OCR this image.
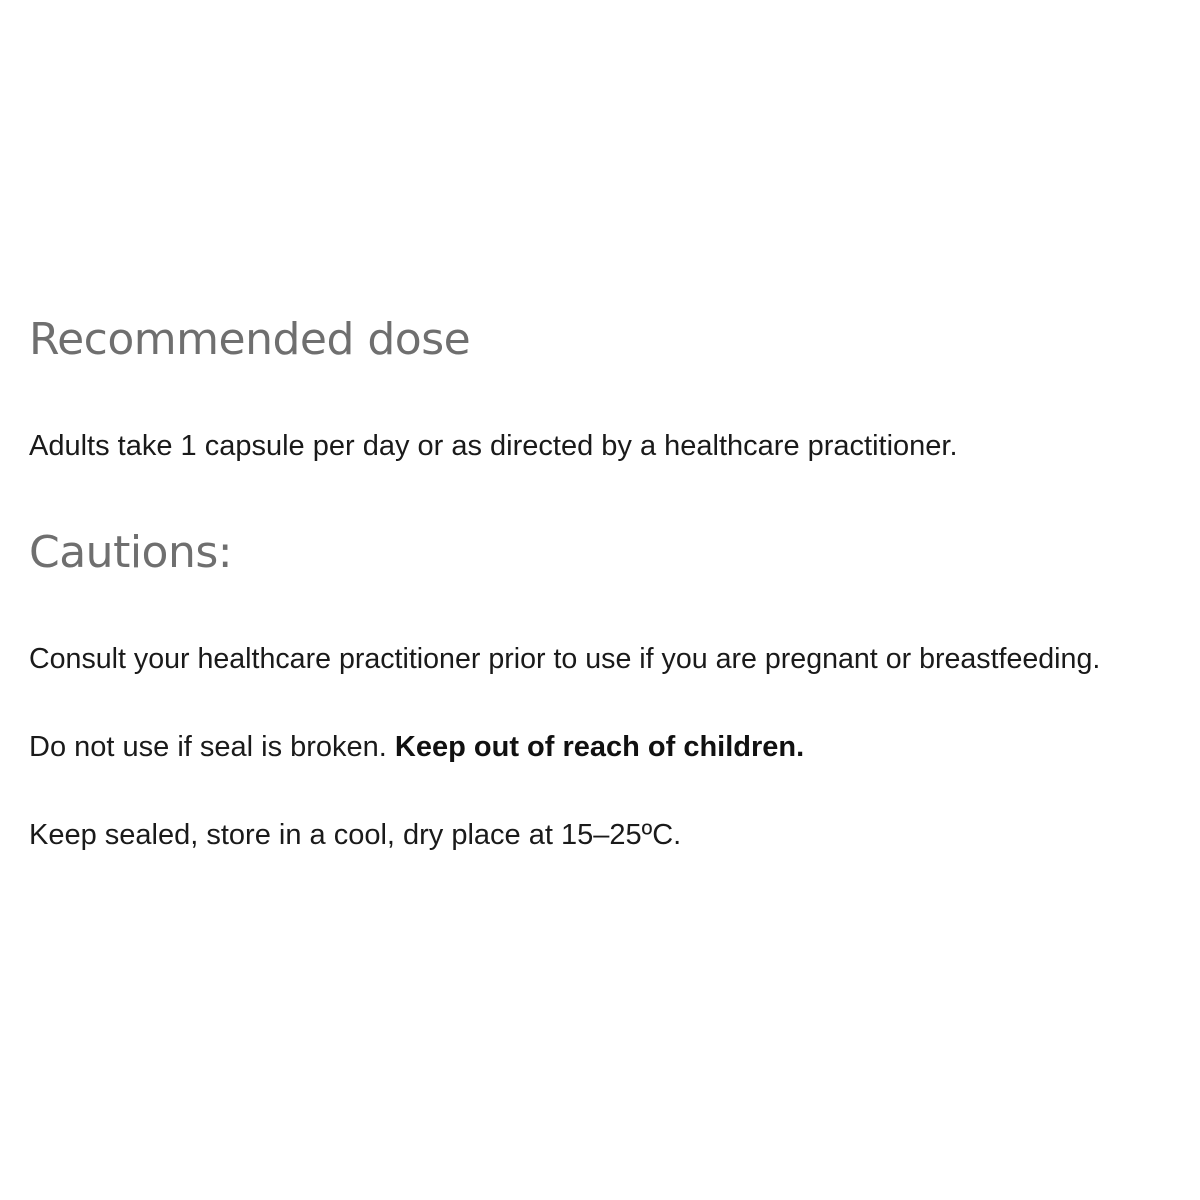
Recommended dose

Adults take 1 capsule per day or as directed by a healthcare practitioner.

Cautions:

Consult your healthcare practitioner prior to use if you are pregnant or breastfeeding.

Do not use if seal is broken. Keep out of reach of children.

Keep sealed, store in a cool, dry place at 15–25ºC.
